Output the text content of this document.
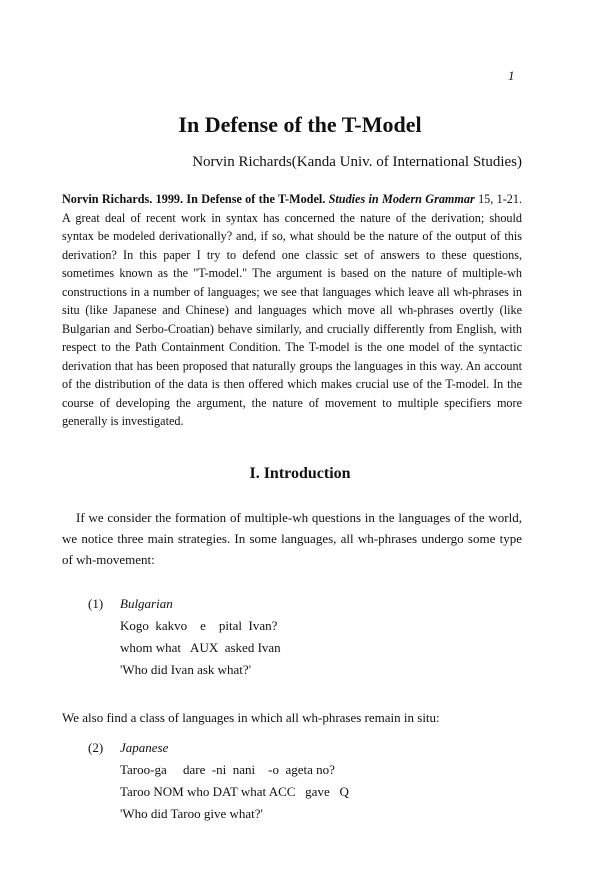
1
In Defense of the T-Model
Norvin Richards(Kanda Univ. of International Studies)

Norvin Richards. 1999. In Defense of the T-Model. Studies in Modern Grammar 15, 1-21. A great deal of recent work in syntax has concerned the nature of the derivation; should syntax be modeled derivationally? and, if so, what should be the nature of the output of this derivation? In this paper I try to defend one classic set of answers to these questions, sometimes known as the "T-model." The argument is based on the nature of multiple-wh constructions in a number of languages; we see that languages which leave all wh-phrases in situ (like Japanese and Chinese) and languages which move all wh-phrases overtly (like Bulgarian and Serbo-Croatian) behave similarly, and crucially differently from English, with respect to the Path Containment Condition. The T-model is the one model of the syntactic derivation that has been proposed that naturally groups the languages in this way. An account of the distribution of the data is then offered which makes crucial use of the T-model. In the course of developing the argument, the nature of movement to multiple specifiers more generally is investigated.

I. Introduction

If we consider the formation of multiple-wh questions in the languages of the world, we notice three main strategies. In some languages, all wh-phrases undergo some type of wh-movement:

(1) Bulgarian
Kogo  kakvo    e    pital  Ivan?
whom what   AUX  asked Ivan
'Who did Ivan ask what?'

We also find a class of languages in which all wh-phrases remain in situ:

(2) Japanese
Taroo-ga     dare  -ni  nani    -o  ageta no?
Taroo NOM who DAT what ACC   gave   Q
'Who did Taroo give what?'
